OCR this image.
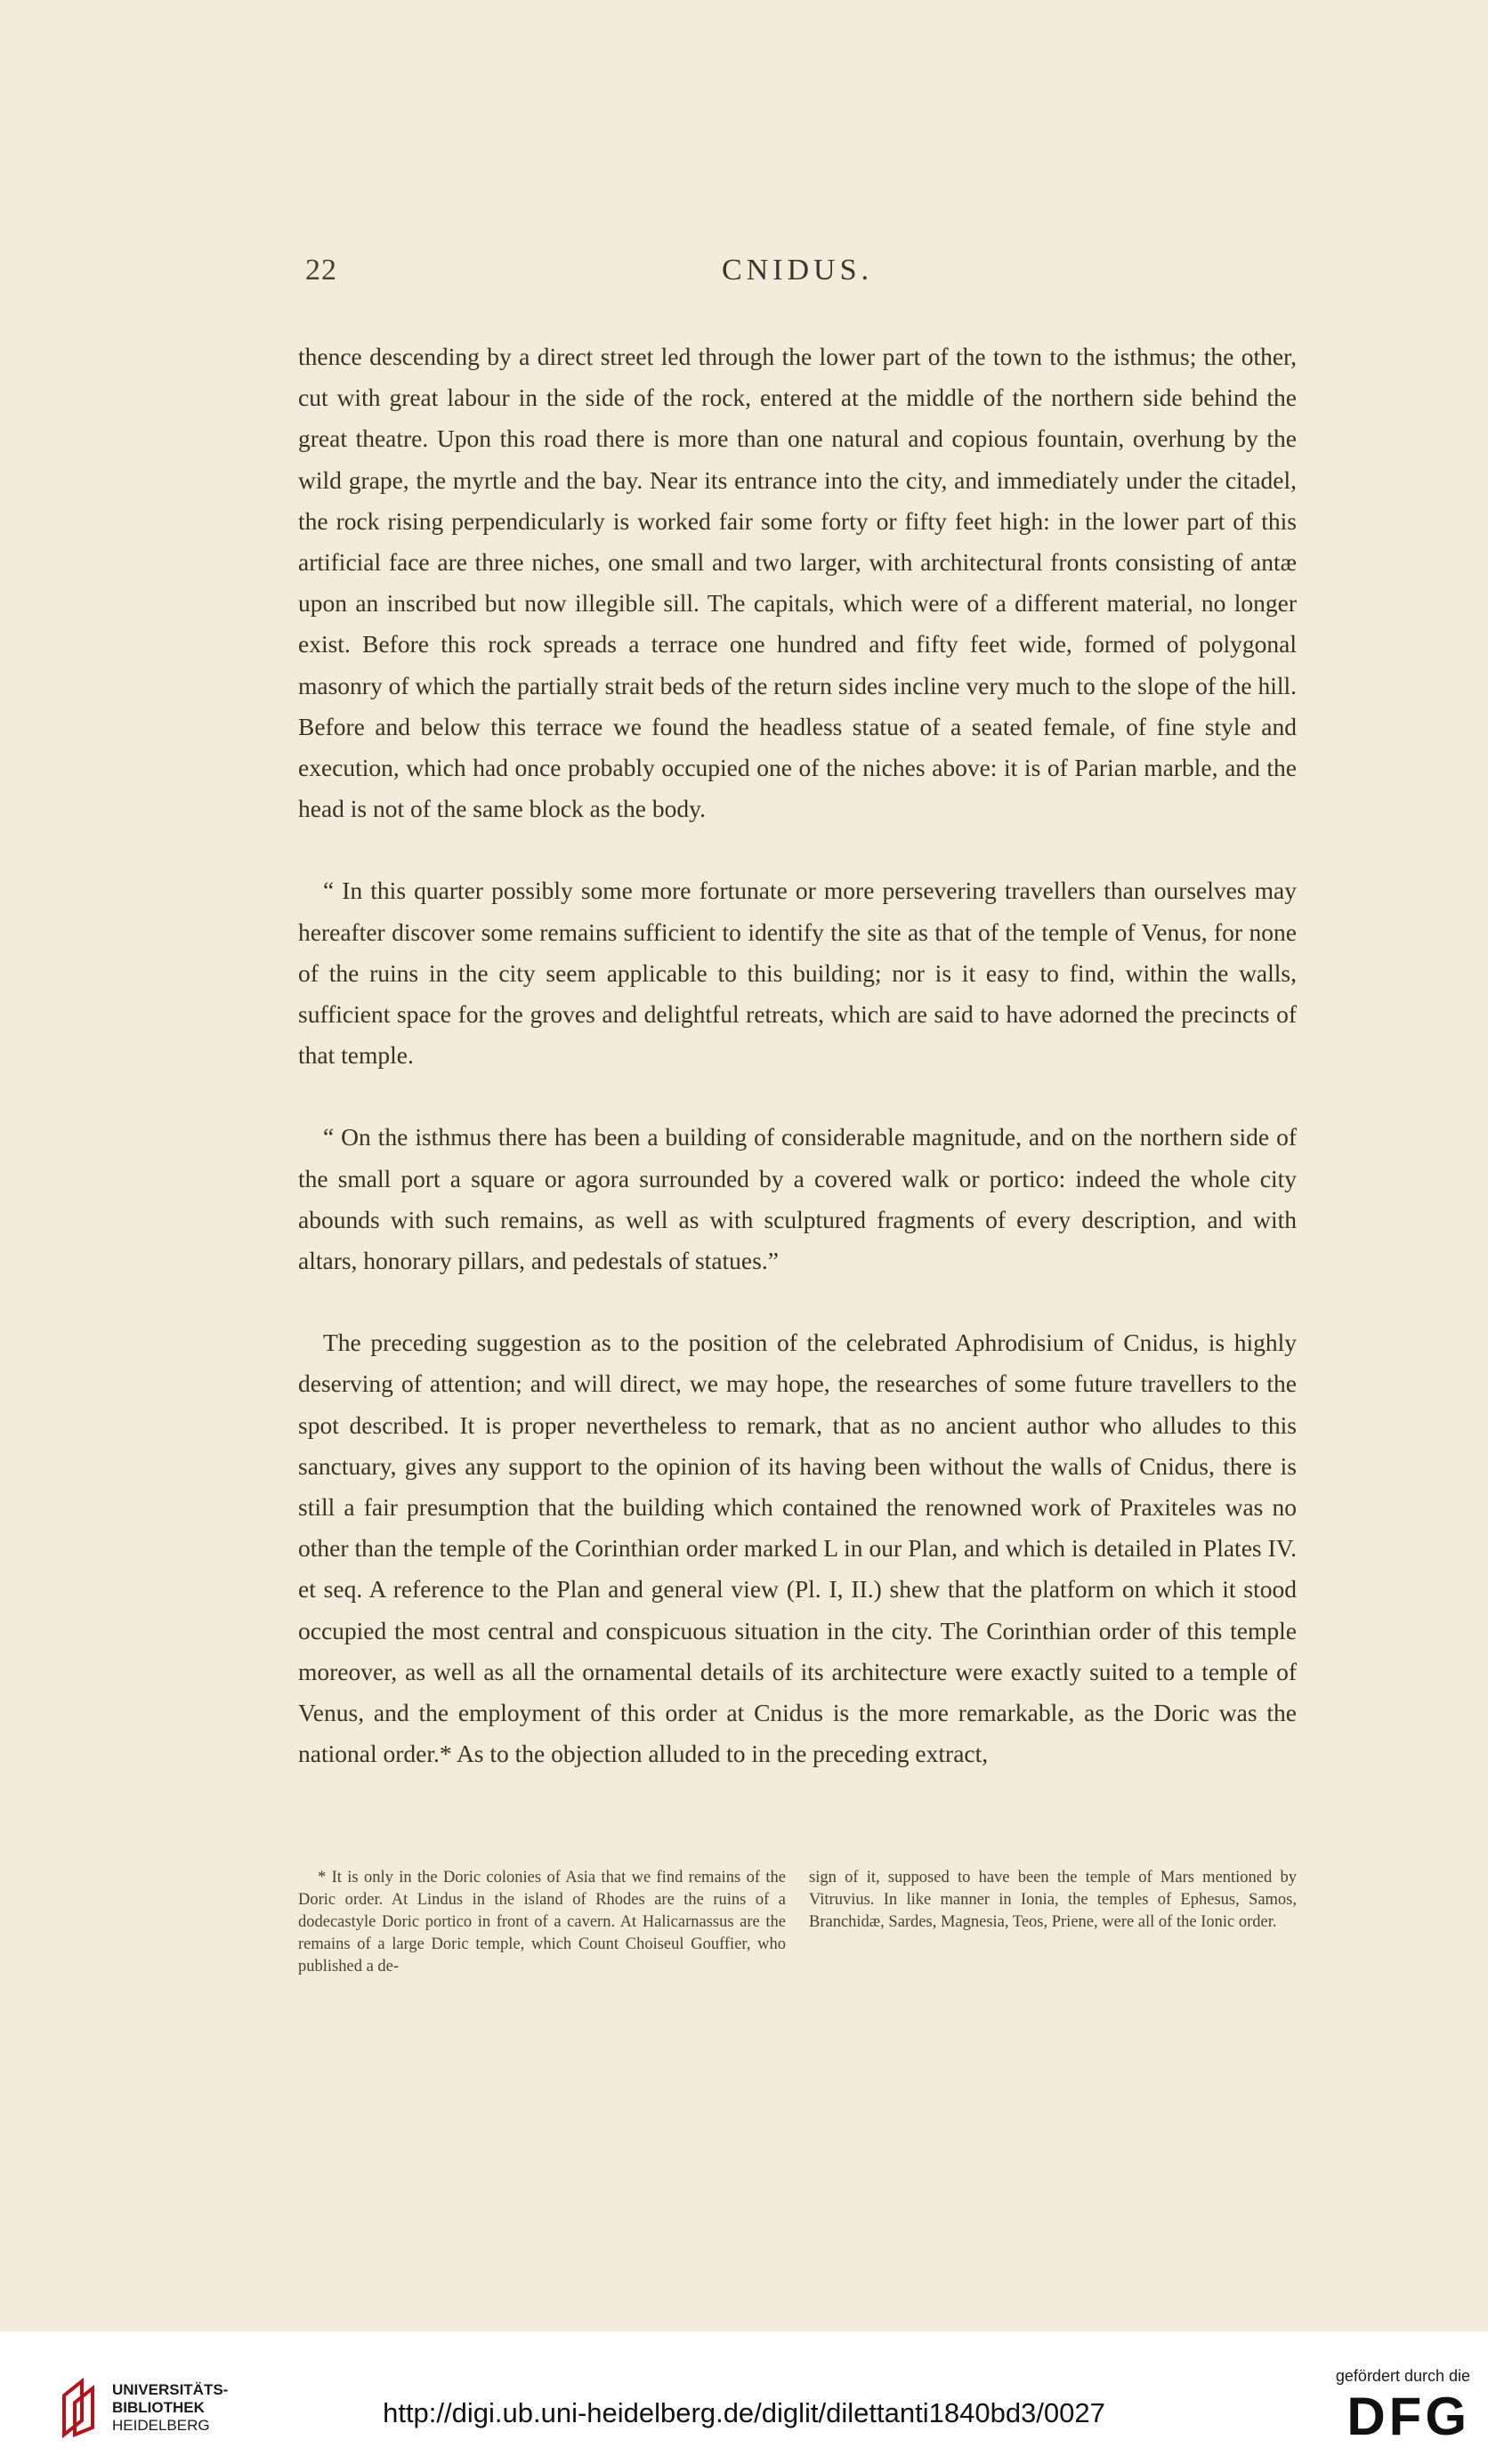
22	CNIDUS.

thence descending by a direct street led through the lower part of the town to the isthmus; the other, cut with great labour in the side of the rock, entered at the middle of the northern side behind the great theatre. Upon this road there is more than one natural and copious fountain, overhung by the wild grape, the myrtle and the bay. Near its entrance into the city, and immediately under the citadel, the rock rising perpendicularly is worked fair some forty or fifty feet high: in the lower part of this artificial face are three niches, one small and two larger, with architectural fronts consisting of antæ upon an inscribed but now illegible sill. The capitals, which were of a different material, no longer exist. Before this rock spreads a terrace one hundred and fifty feet wide, formed of polygonal masonry of which the partially strait beds of the return sides incline very much to the slope of the hill. Before and below this terrace we found the headless statue of a seated female, of fine style and execution, which had once probably occupied one of the niches above: it is of Parian marble, and the head is not of the same block as the body.

“ In this quarter possibly some more fortunate or more persevering travellers than ourselves may hereafter discover some remains sufficient to identify the site as that of the temple of Venus, for none of the ruins in the city seem applicable to this building; nor is it easy to find, within the walls, sufficient space for the groves and delightful retreats, which are said to have adorned the precincts of that temple.

“ On the isthmus there has been a building of considerable magnitude, and on the northern side of the small port a square or agora surrounded by a covered walk or portico: indeed the whole city abounds with such remains, as well as with sculptured fragments of every description, and with altars, honorary pillars, and pedestals of statues.”

The preceding suggestion as to the position of the celebrated Aphrodisium of Cnidus, is highly deserving of attention; and will direct, we may hope, the researches of some future travellers to the spot described. It is proper nevertheless to remark, that as no ancient author who alludes to this sanctuary, gives any support to the opinion of its having been without the walls of Cnidus, there is still a fair presumption that the building which contained the renowned work of Praxiteles was no other than the temple of the Corinthian order marked L in our Plan, and which is detailed in Plates IV. et seq. A reference to the Plan and general view (Pl. I, II.) shew that the platform on which it stood occupied the most central and conspicuous situation in the city. The Corinthian order of this temple moreover, as well as all the ornamental details of its architecture were exactly suited to a temple of Venus, and the employment of this order at Cnidus is the more remarkable, as the Doric was the national order.* As to the objection alluded to in the preceding extract,

* It is only in the Doric colonies of Asia that we find remains of the Doric order. At Lindus in the island of Rhodes are the ruins of a dodecastyle Doric portico in front of a cavern. At Halicarnassus are the remains of a large Doric temple, which Count Choiseul Gouffier, who published a de-

sign of it, supposed to have been the temple of Mars mentioned by Vitruvius. In like manner in Ionia, the temples of Ephesus, Samos, Branchidæ, Sardes, Magnesia, Teos, Priene, were all of the Ionic order.

UNIVERSITÄTS-
BIBLIOTHEK
HEIDELBERG	http://digi.ub.uni-heidelberg.de/diglit/dilettanti1840bd3/0027
gefördert durch die
DFG
